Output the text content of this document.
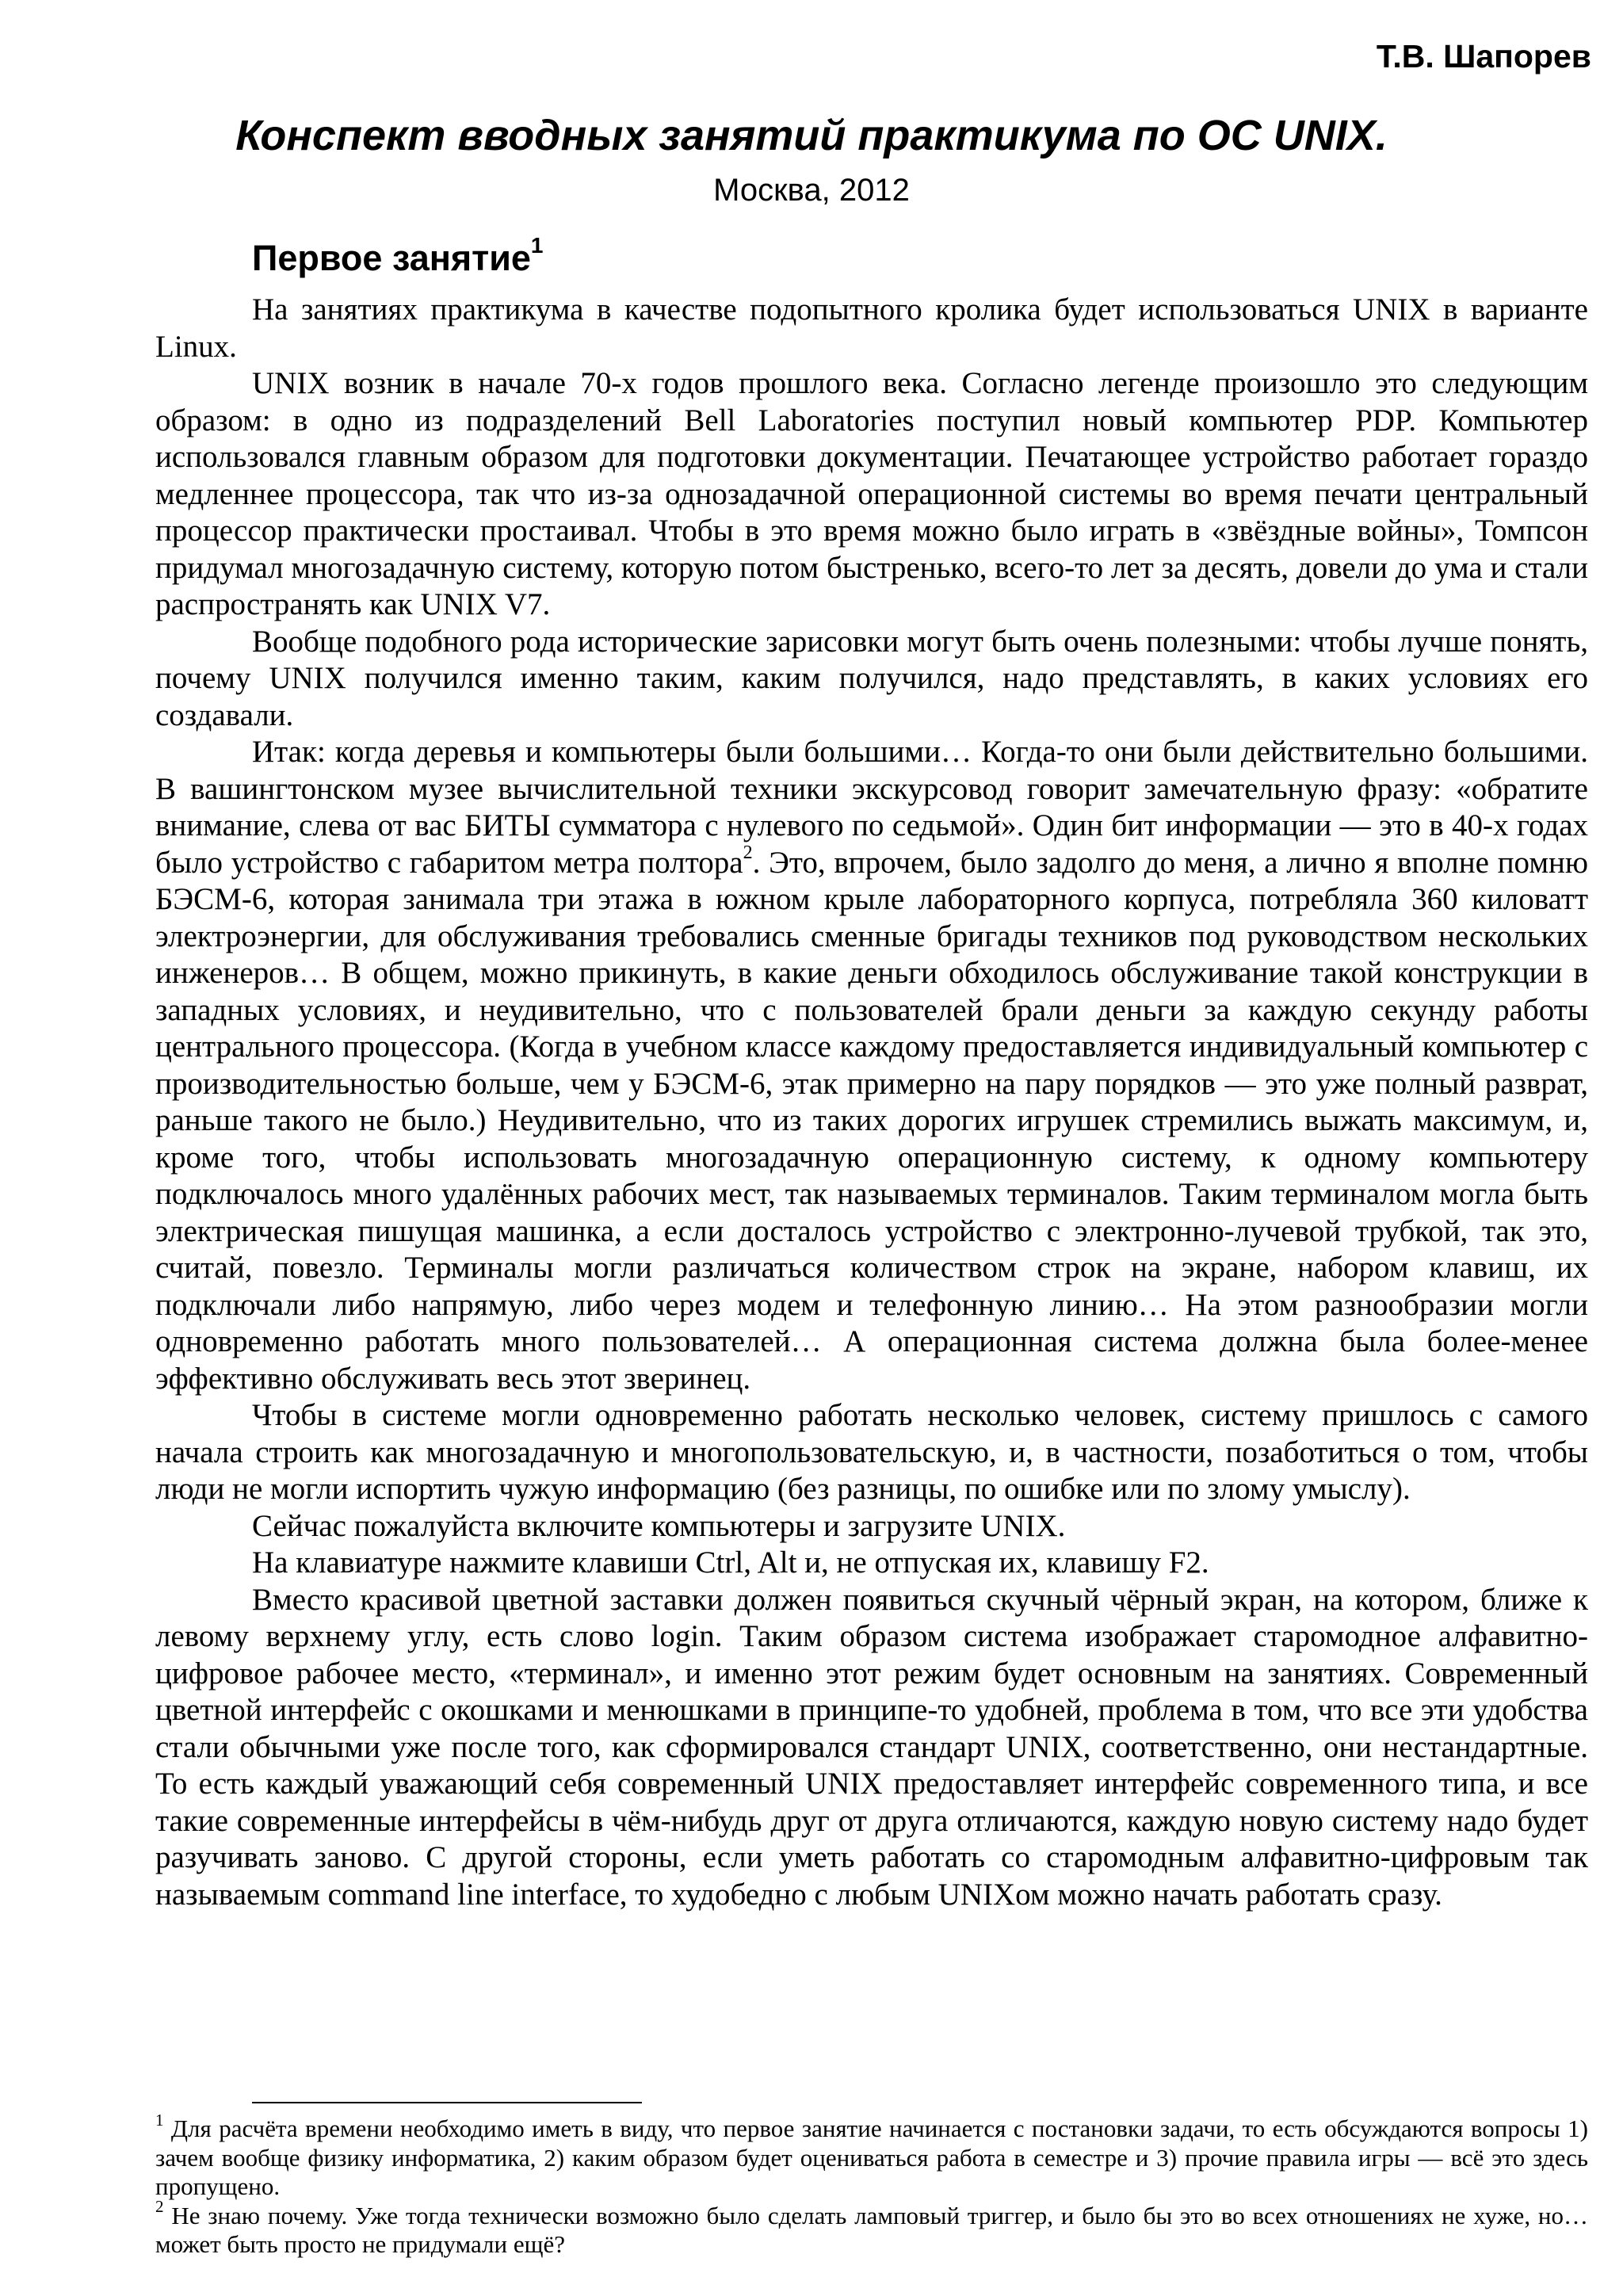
Т.В. Шапорев
Конспект вводных занятий практикума по ОС UNIX.
Москва, 2012
Первое занятие$^1$

На занятиях практикума в качестве подопытного кролика будет использоваться UNIX в варианте Linux.

UNIX возник в начале 70-х годов прошлого века. Согласно легенде произошло это следующим образом: в одно из подразделений Bell Laboratories поступил новый компьютер PDP. Компьютер использовался главным образом для подготовки документации. Печатающее устройство работает гораздо медленнее процессора, так что из-за однозадачной операционной системы во время печати центральный процессор практически простаивал. Чтобы в это время можно было играть в «звёздные войны», Томпсон придумал многозадачную систему, которую потом быстренько, всего-то лет за десять, довели до ума и стали распространять как UNIX V7.

Вообще подобного рода исторические зарисовки могут быть очень полезными: чтобы лучше понять, почему UNIX получился именно таким, каким получился, надо представлять, в каких условиях его создавали.

Итак: когда деревья и компьютеры были большими… Когда-то они были действительно большими. В вашингтонском музее вычислительной техники экскурсовод говорит замечательную фразу: «обратите внимание, слева от вас БИТЫ сумматора с нулевого по седьмой». Один бит информации — это в 40-х годах было устройство с габаритом метра полтора$^2$. Это, впрочем, было задолго до меня, а лично я вполне помню БЭСМ-6, которая занимала три этажа в южном крыле лабораторного корпуса, потребляла 360 киловатт электроэнергии, для обслуживания требовались сменные бригады техников под руководством нескольких инженеров… В общем, можно прикинуть, в какие деньги обходилось обслуживание такой конструкции в западных условиях, и неудивительно, что с пользователей брали деньги за каждую секунду работы центрального процессора. (Когда в учебном классе каждому предоставляется индивидуальный компьютер с производительностью больше, чем у БЭСМ-6, этак примерно на пару порядков — это уже полный разврат, раньше такого не было.) Неудивительно, что из таких дорогих игрушек стремились выжать максимум, и, кроме того, чтобы использовать многозадачную операционную систему, к одному компьютеру подключалось много удалённых рабочих мест, так называемых терминалов. Таким терминалом могла быть электрическая пишущая машинка, а если досталось устройство с электронно-лучевой трубкой, так это, считай, повезло. Терминалы могли различаться количеством строк на экране, набором клавиш, их подключали либо напрямую, либо через модем и телефонную линию… На этом разнообразии могли одновременно работать много пользователей… А операционная система должна была более-менее эффективно обслуживать весь этот зверинец.

Чтобы в системе могли одновременно работать несколько человек, систему пришлось с самого начала строить как многозадачную и многопользовательскую, и, в частности, позаботиться о том, чтобы люди не могли испортить чужую информацию (без разницы, по ошибке или по злому умыслу).

Сейчас пожалуйста включите компьютеры и загрузите UNIX.

На клавиатуре нажмите клавиши Ctrl, Alt и, не отпуская их, клавишу F2.

Вместо красивой цветной заставки должен появиться скучный чёрный экран, на котором, ближе к левому верхнему углу, есть слово login. Таким образом система изображает старомодное алфавитно-цифровое рабочее место, «терминал», и именно этот режим будет основным на занятиях. Современный цветной интерфейс с окошками и менюшками в принципе-то удобней, проблема в том, что все эти удобства стали обычными уже после того, как сформировался стандарт UNIX, соответственно, они нестандартные. То есть каждый уважающий себя современный UNIX предоставляет интерфейс современного типа, и все такие современные интерфейсы в чём-нибудь друг от друга отличаются, каждую новую систему надо будет разучивать заново. С другой стороны, если уметь работать со старомодным алфавитно-цифровым так называемым command line interface, то худобедно с любым UNIXом можно начать работать сразу.

$^1$ Для расчёта времени необходимо иметь в виду, что первое занятие начинается с постановки задачи, то есть обсуждаются вопросы 1) зачем вообще физику информатика, 2) каким образом будет оцениваться работа в семестре и 3) прочие правила игры — всё это здесь пропущено.

$^2$ Не знаю почему. Уже тогда технически возможно было сделать ламповый триггер, и было бы это во всех отношениях не хуже, но… может быть просто не придумали ещё?
